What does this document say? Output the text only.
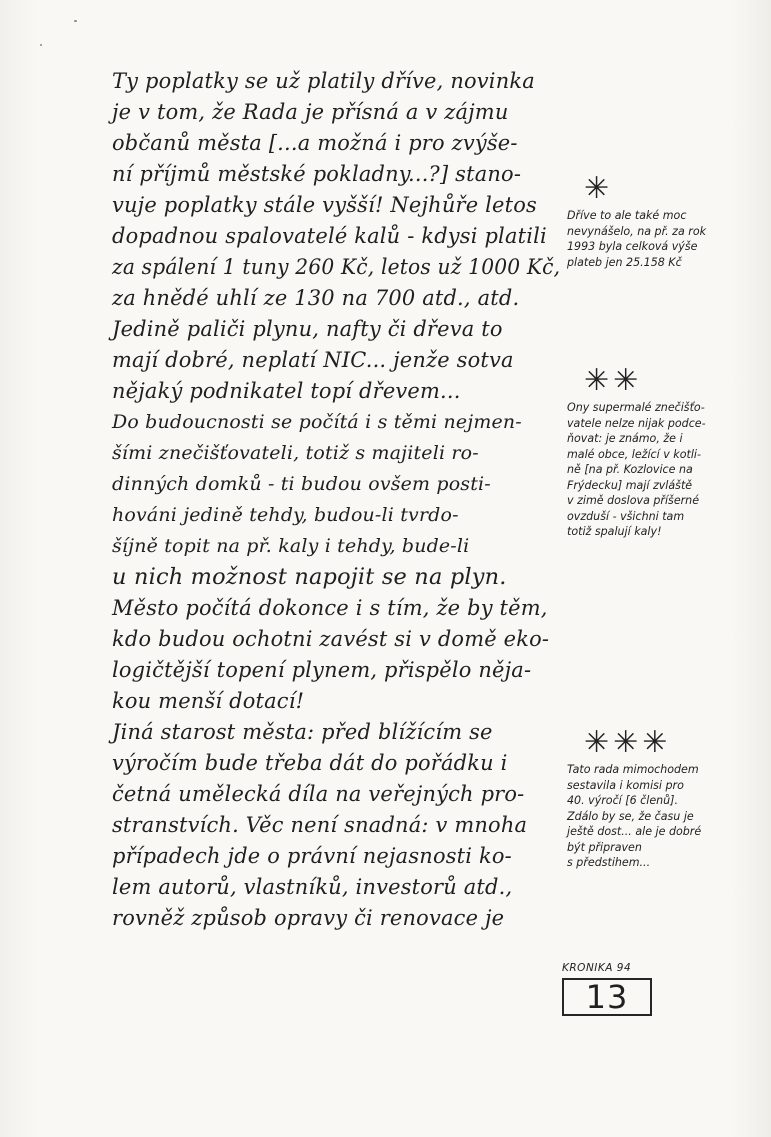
Ty poplatky se už platily dříve, novinka
je v tom, že Rada je přísná a v zájmu
občanů města [...a možná i pro zvýše-
ní příjmů městské pokladny...?] stano-
vuje poplatky stále vyšší! Nejhůře letos
dopadnou spalovatelé kalů - kdysi platili
za spálení 1 tuny 260 Kč, letos už 1000 Kč,
za hnědé uhlí ze 130 na 700 atd., atd.
Jedině paliči plynu, nafty či dřeva to
mají dobré, neplatí NIC... jenže sotva
nějaký podnikatel topí dřevem...
Do budoucnosti se počítá i s těmi nejmen-
šími znečišťovateli, totiž s majiteli ro-
dinných domků - ti budou ovšem posti-
hováni jedině tehdy, budou-li tvrdo-
šíjně topit na př. kaly i tehdy, bude-li
u nich možnost napojit se na plyn.
Město počítá dokonce i s tím, že by těm,
kdo budou ochotni zavést si v domě eko-
logičtější topení plynem, přispělo něja-
kou menší dotací!
Jiná starost města: před blížícím se
výročím bude třeba dát do pořádku i
četná umělecká díla na veřejných pro-
stranstvích. Věc není snadná: v mnoha
případech jde o právní nejasnosti ko-
lem autorů, vlastníků, investorů atd.,
rovněž způsob opravy či renovace je
✳
Dříve to ale také moc
nevynášelo, na př. za rok
1993 byla celková výše
plateb jen 25.158 Kč
✳✳
Ony supermalé znečišťo-
vatele nelze nijak podce-
ňovat: je známo, že i
malé obce, ležící v kotli-
ně [na př. Kozlovice na
Frýdecku] mají zvláště
v zimě doslova příšerné
ovzduší - všichni tam
totiž spalují kaly!
✳✳✳
Tato rada mimochodem
sestavila i komisi pro
40. výročí [6 členů].
Zdálo by se, že času je
ještě dost... ale je dobré
být připraven
s předstihem...
KRONIKA 94
13
